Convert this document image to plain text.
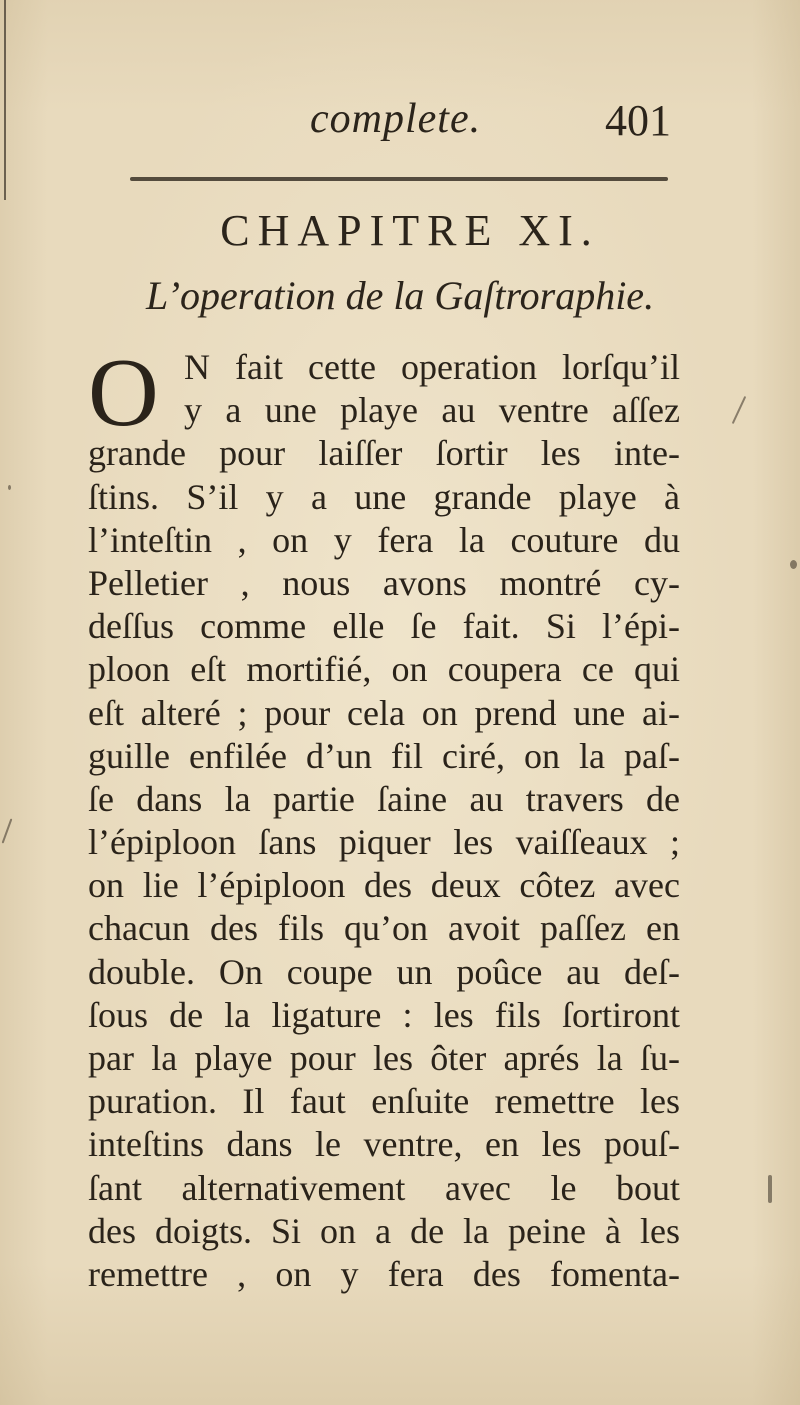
complete.	401
CHAPITRE XI.
L’operation de la Gaſtroraphie.
O N fait cette operation lorſqu’il
y a une playe au ventre aſſez
grande pour laiſſer ſortir les inte-
ſtins. S’il y a une grande playe à
l’inteſtin , on y fera la couture du
Pelletier , nous avons montré cy-
deſſus comme elle ſe fait. Si l’épi-
ploon eſt mortifié, on coupera ce qui
eſt alteré ; pour cela on prend une ai-
guille enfilée d’un fil ciré, on la paſ-
ſe dans la partie ſaine au travers de
l’épiploon ſans piquer les vaiſſeaux ;
on lie l’épiploon des deux côtez avec
chacun des fils qu’on avoit paſſez en
double. On coupe un poûce au deſ-
ſous de la ligature : les fils ſortiront
par la playe pour les ôter aprés la ſu-
puration. Il faut enſuite remettre les
inteſtins dans le ventre, en les pouſ-
ſant alternativement avec le bout
des doigts. Si on a de la peine à les
remettre , on y fera des fomenta-
